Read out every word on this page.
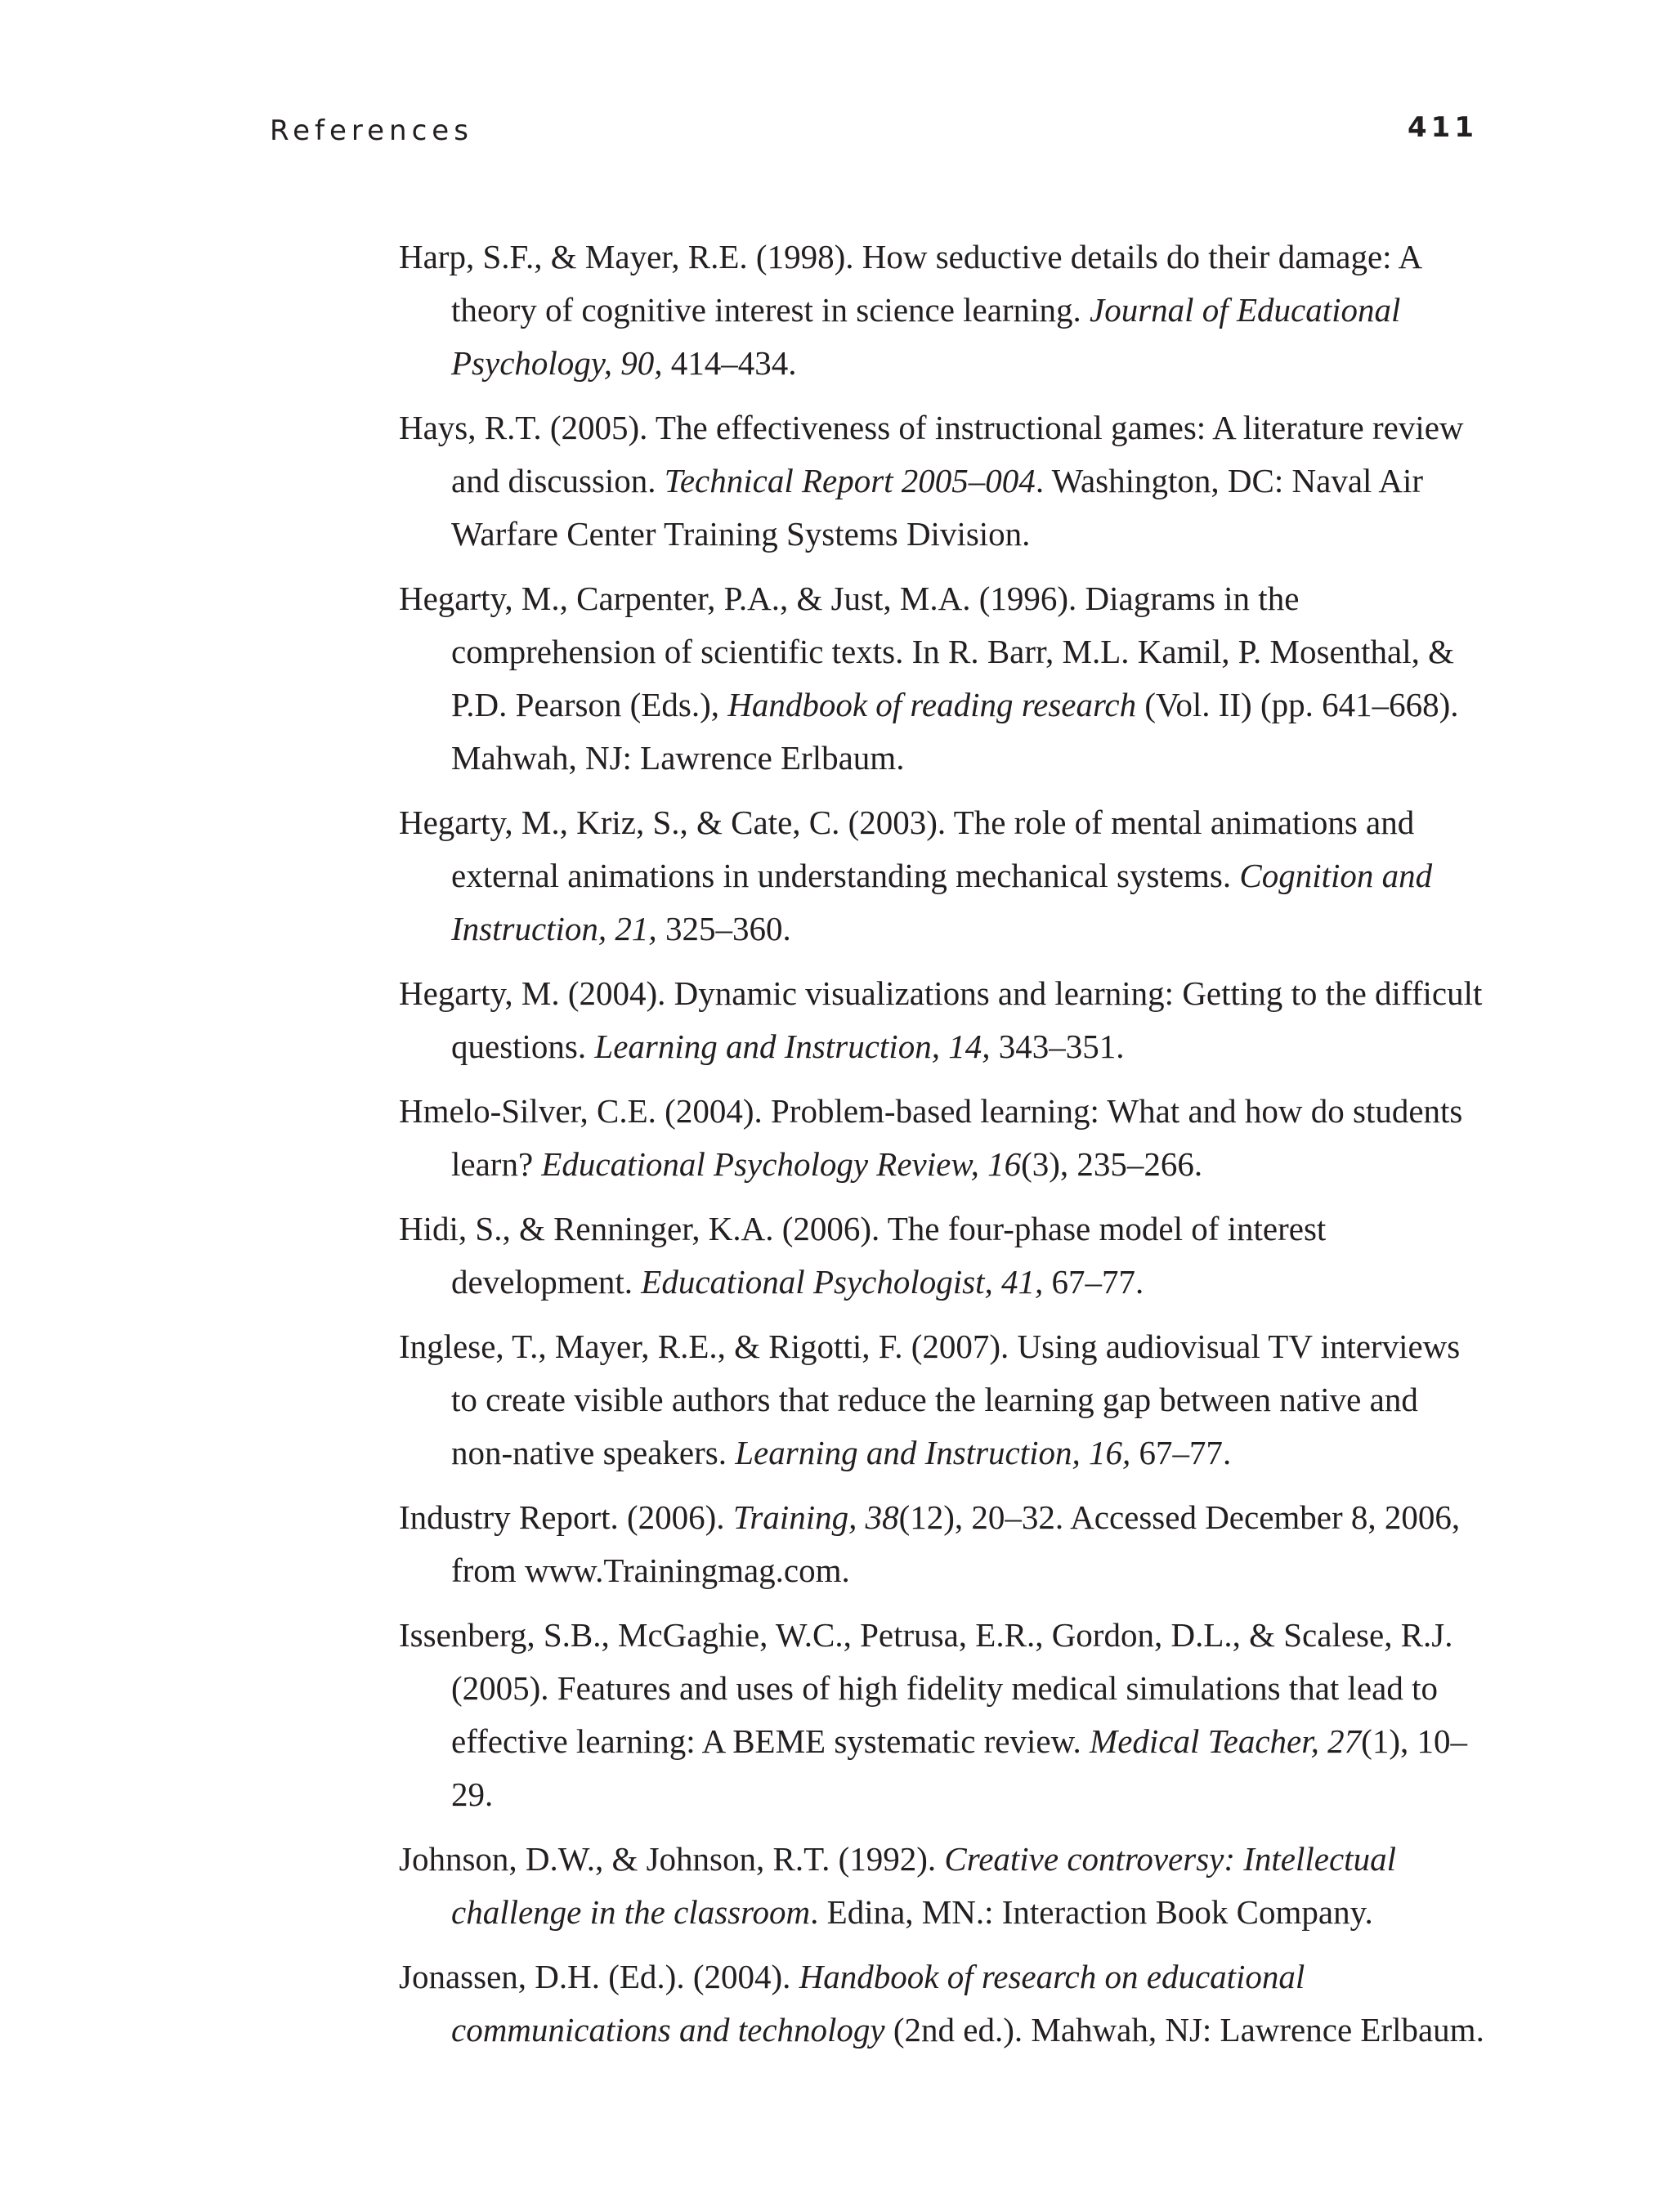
References	411
Harp, S.F., & Mayer, R.E. (1998). How seductive details do their damage: A theory of cognitive interest in science learning. Journal of Educational Psychology, 90, 414–434.
Hays, R.T. (2005). The effectiveness of instructional games: A literature review and discussion. Technical Report 2005–004. Washington, DC: Naval Air Warfare Center Training Systems Division.
Hegarty, M., Carpenter, P.A., & Just, M.A. (1996). Diagrams in the comprehension of scientific texts. In R. Barr, M.L. Kamil, P. Mosenthal, & P.D. Pearson (Eds.), Handbook of reading research (Vol. II) (pp. 641–668). Mahwah, NJ: Lawrence Erlbaum.
Hegarty, M., Kriz, S., & Cate, C. (2003). The role of mental animations and external animations in understanding mechanical systems. Cognition and Instruction, 21, 325–360.
Hegarty, M. (2004). Dynamic visualizations and learning: Getting to the difficult questions. Learning and Instruction, 14, 343–351.
Hmelo-Silver, C.E. (2004). Problem-based learning: What and how do students learn? Educational Psychology Review, 16(3), 235–266.
Hidi, S., & Renninger, K.A. (2006). The four-phase model of interest development. Educational Psychologist, 41, 67–77.
Inglese, T., Mayer, R.E., & Rigotti, F. (2007). Using audiovisual TV interviews to create visible authors that reduce the learning gap between native and non-native speakers. Learning and Instruction, 16, 67–77.
Industry Report. (2006). Training, 38(12), 20–32. Accessed December 8, 2006, from www.Trainingmag.com.
Issenberg, S.B., McGaghie, W.C., Petrusa, E.R., Gordon, D.L., & Scalese, R.J. (2005). Features and uses of high fidelity medical simulations that lead to effective learning: A BEME systematic review. Medical Teacher, 27(1), 10–29.
Johnson, D.W., & Johnson, R.T. (1992). Creative controversy: Intellectual challenge in the classroom. Edina, MN.: Interaction Book Company.
Jonassen, D.H. (Ed.). (2004). Handbook of research on educational communications and technology (2nd ed.). Mahwah, NJ: Lawrence Erlbaum.
